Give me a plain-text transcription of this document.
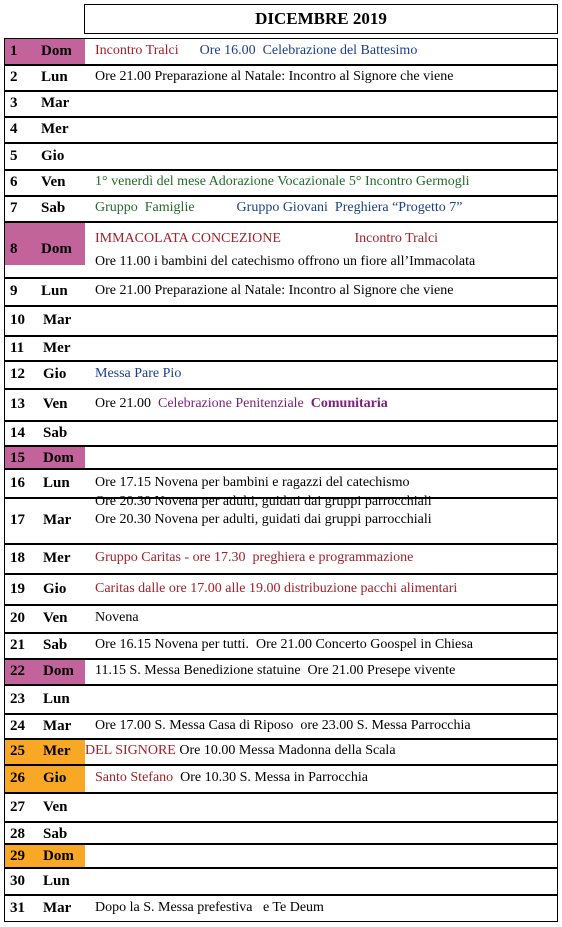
DICEMBRE 2019
1 Dom Incontro Tralci      Ore 16.00  Celebrazione del Battesimo
2 Lun Ore 21.00 Preparazione al Natale: Incontro al Signore che viene
3 Mar
4 Mer
5 Gio
6 Ven 1° venerdì del mese Adorazione Vocazionale 5° Incontro Germogli
7 Sab Gruppo  Famiglie            Gruppo Giovani  Preghiera “Progetto 7”
8 Dom
IMMACOLATA CONCEZIONE                     Incontro Tralci
Ore 11.00 i bambini del catechismo offrono un fiore all’Immacolata
9 Lun Ore 21.00 Preparazione al Natale: Incontro al Signore che viene
10 Mar
11 Mer
12 Gio Messa Pare Pio
13 Ven Ore 21.00  Celebrazione Penitenziale  Comunitaria
14 Sab
15 Dom
16 Lun Ore 17.15 Novena per bambini e ragazzi del catechismo
Ore 20.30 Novena per adulti, guidati dai gruppi parrocchiali
17 Mar Ore 20.30 Novena per adulti, guidati dai gruppi parrocchiali
18 Mer Gruppo Caritas - ore 17.30  preghiera e programmazione
19 Gio Caritas dalle ore 17.00 alle 19.00 distribuzione pacchi alimentari
20 Ven Novena
21 Sab Ore 16.15 Novena per tutti.  Ore 21.00 Concerto Goospel in Chiesa
22 Dom 11.15 S. Messa Benedizione statuine  Ore 21.00 Presepe vivente
23 Lun
24 Mar Ore 17.00 S. Messa Casa di Riposo  ore 23.00 S. Messa Parrocchia
25 Mer DEL SIGNORE Ore 10.00 Messa Madonna della Scala
26 Gio Santo Stefano  Ore 10.30 S. Messa in Parrocchia
27 Ven
28 Sab
29 Dom
30 Lun
31 Mar Dopo la S. Messa prefestiva   e Te Deum
